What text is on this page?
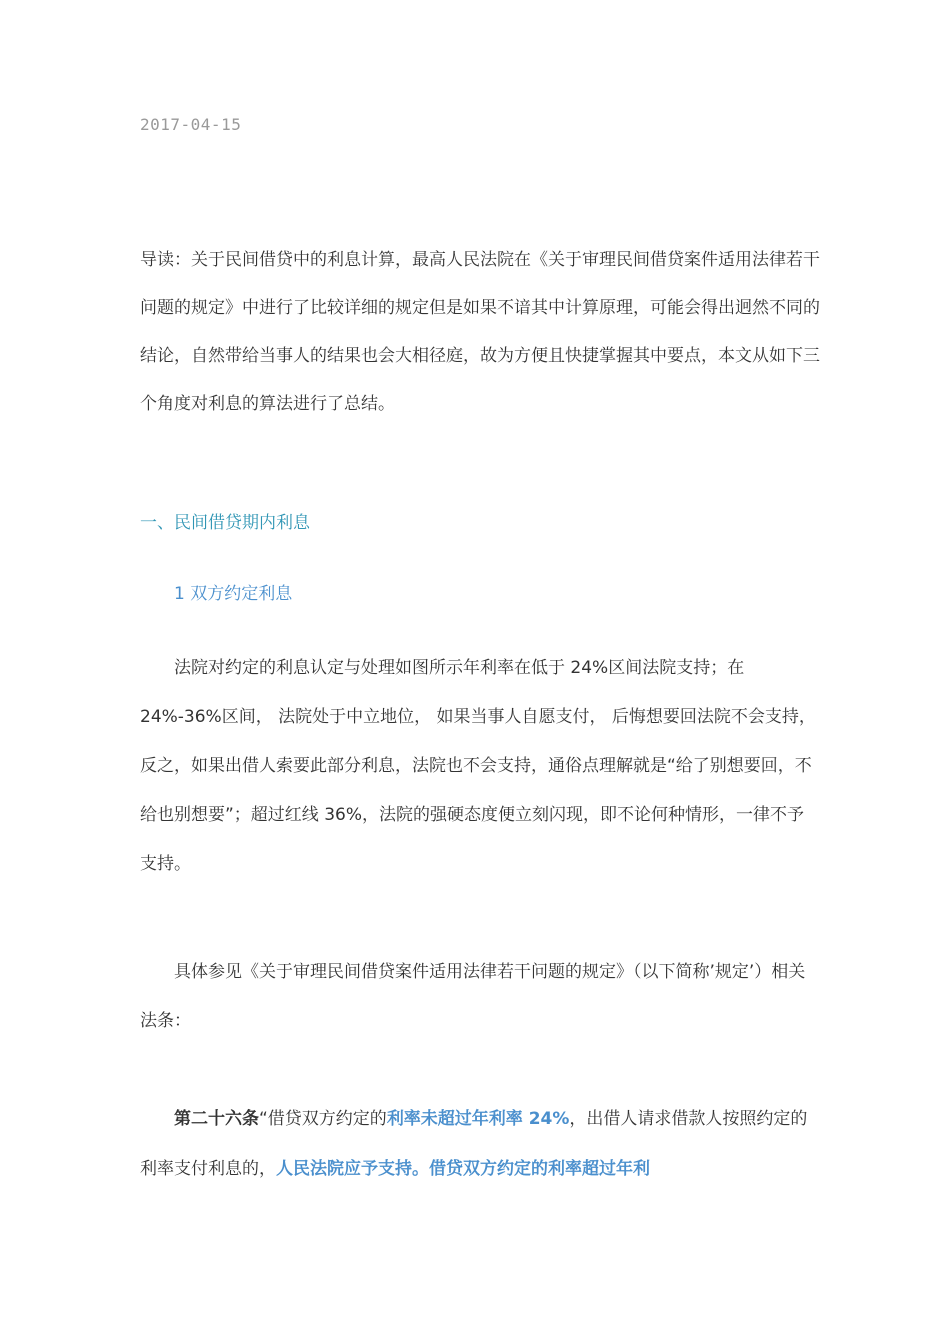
2017-04-15
导读：关于民间借贷中的利息计算，最高人民法院在《关于审理民间借贷案件适用法律若干问题的规定》中进行了比较详细的规定但是如果不谙其中计算原理，可能会得出迥然不同的结论，自然带给当事人的结果也会大相径庭，故为方便且快捷掌握其中要点，本文从如下三个角度对利息的算法进行了总结。
一、民间借贷期内利息
1 双方约定利息
法院对约定的利息认定与处理如图所示年利率在低于 24%区间法院支持；在 24%-36%区间， 法院处于中立地位， 如果当事人自愿支付， 后悔想要回法院不会支持， 反之，如果出借人索要此部分利息，法院也不会支持，通俗点理解就是“给了别想要回，不给也别想要”；超过红线 36%，法院的强硬态度便立刻闪现，即不论何种情形，一律不予支持。
具体参见《关于审理民间借贷案件适用法律若干问题的规定》（以下简称’规定’）相关法条：
第二十六条“借贷双方约定的利率未超过年利率 24%，出借人请求借款人按照约定的利率支付利息的，人民法院应予支持。借贷双方约定的利率超过年利
